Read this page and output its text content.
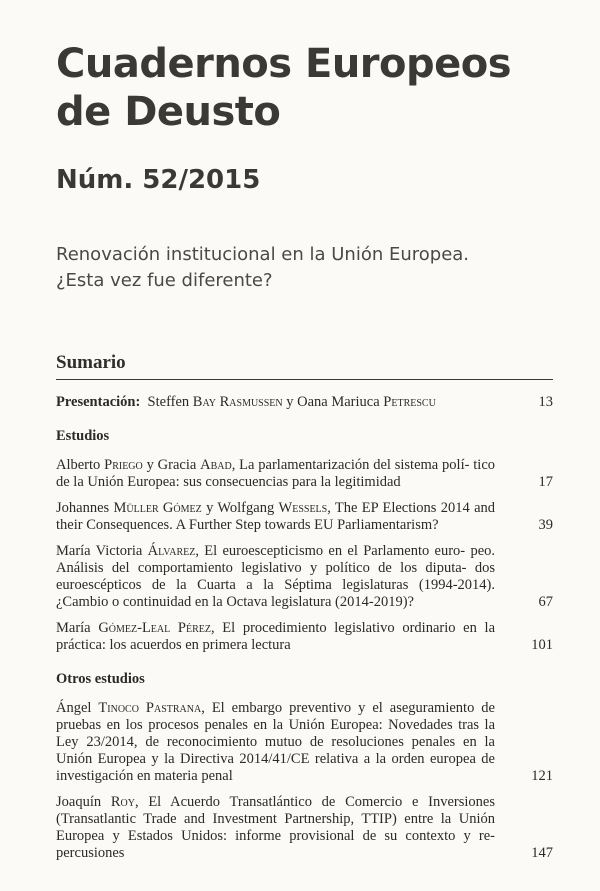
Cuadernos Europeos
de Deusto
Núm. 52/2015

Renovación institucional en la Unión Europea.
¿Esta vez fue diferente?

Sumario
Presentación: Steffen Bay Rasmussen y Oana Mariuca Petrescu	13

Estudios

Alberto Priego y Gracia Abad, La parlamentarización del sistema polí- tico de la Unión Europea: sus consecuencias para la legitimidad	17
Johannes Müller Gómez y Wolfgang Wessels, The EP Elections 2014 and their Consequences. A Further Step towards EU Parliamentarism?	39
María Victoria Álvarez, El euroescepticismo en el Parlamento euro- peo. Análisis del comportamiento legislativo y político de los diputa- dos euroescépticos de la Cuarta a la Séptima legislaturas (1994-2014). ¿Cambio o continuidad en la Octava legislatura (2014-2019)?	67
María Gómez-Leal Pérez, El procedimiento legislativo ordinario en la práctica: los acuerdos en primera lectura	101

Otros estudios

Ángel Tinoco Pastrana, El embargo preventivo y el aseguramiento de pruebas en los procesos penales en la Unión Europea: Novedades tras la Ley 23/2014, de reconocimiento mutuo de resoluciones penales en la Unión Europea y la Directiva 2014/41/CE relativa a la orden europea de investigación en materia penal	121
Joaquín Roy, El Acuerdo Transatlántico de Comercio e Inversiones (Transatlantic Trade and Investment Partnership, TTIP) entre la Unión Europea y Estados Unidos: informe provisional de su contexto y re- percusiones	147
